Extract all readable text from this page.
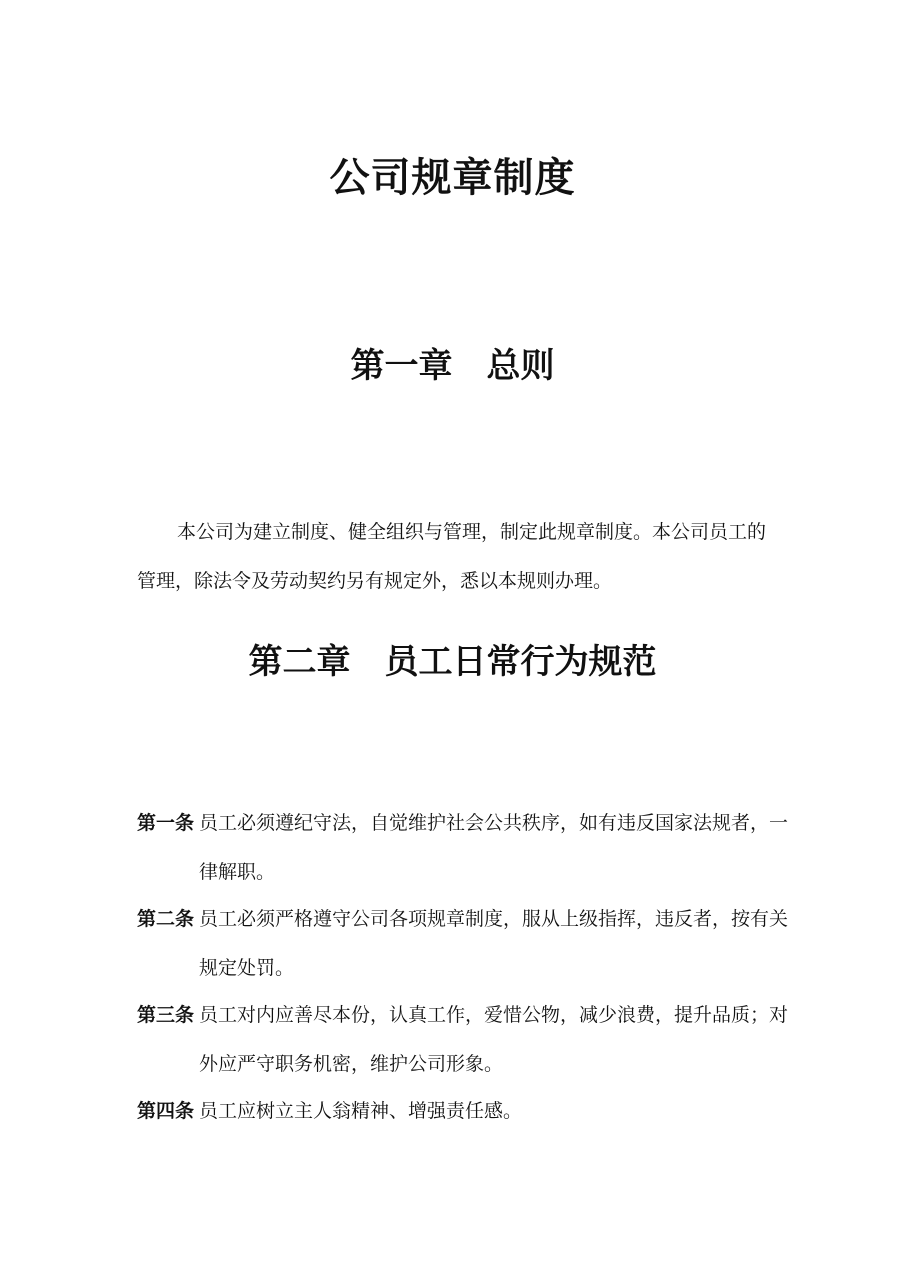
公司规章制度
第一章　总则

本公司为建立制度、健全组织与管理，制定此规章制度。本公司员工的管理，除法令及劳动契约另有规定外，悉以本规则办理。

第二章　员工日常行为规范
第一条 员工必须遵纪守法，自觉维护社会公共秩序，如有违反国家法规者，一
律解职。
第二条 员工必须严格遵守公司各项规章制度，服从上级指挥，违反者，按有关
规定处罚。
第三条 员工对内应善尽本份，认真工作，爱惜公物，减少浪费，提升品质；对
外应严守职务机密，维护公司形象。
第四条 员工应树立主人翁精神、增强责任感。
